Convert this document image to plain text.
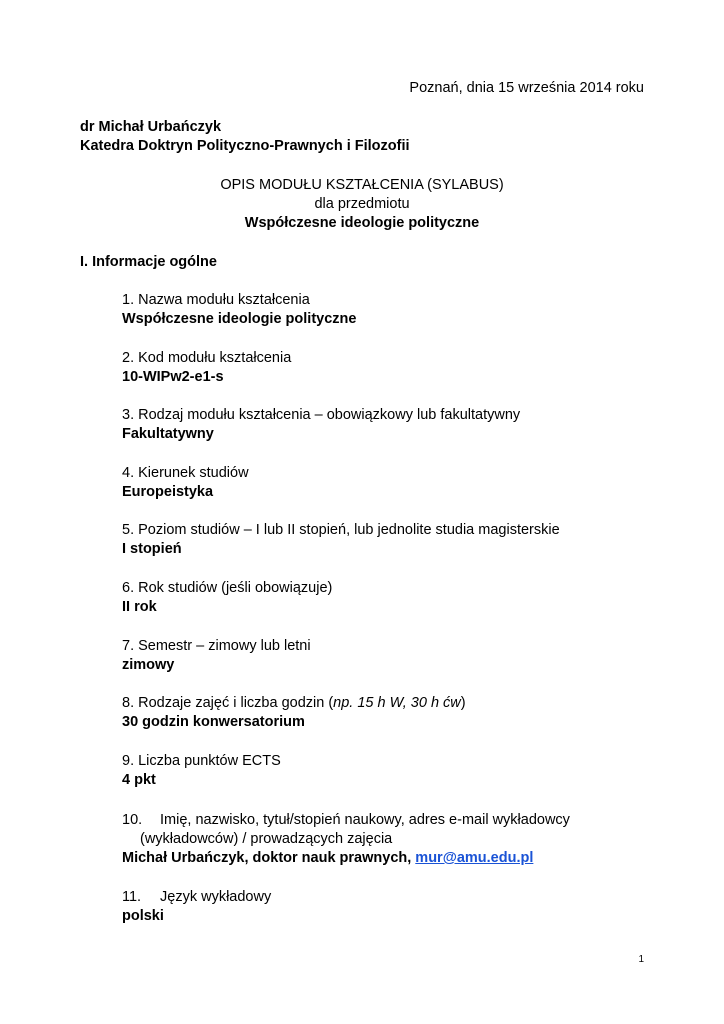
Poznań, dnia 15 września 2014 roku
dr Michał Urbańczyk
Katedra Doktryn Polityczno-Prawnych i Filozofii
OPIS MODUŁU KSZTAŁCENIA (SYLABUS)
dla przedmiotu
Współczesne ideologie polityczne
I. Informacje ogólne
1. Nazwa modułu kształcenia
Współczesne ideologie polityczne
2. Kod modułu kształcenia
10-WIPw2-e1-s
3. Rodzaj modułu kształcenia – obowiązkowy lub fakultatywny
Fakultatywny
4. Kierunek studiów
Europeistyka
5. Poziom studiów – I lub II stopień, lub jednolite studia magisterskie
I stopień
6. Rok studiów (jeśli obowiązuje)
II rok
7. Semestr – zimowy lub letni
zimowy
8. Rodzaje zajęć i liczba godzin (np. 15 h W, 30 h ćw)
30 godzin konwersatorium
9. Liczba punktów ECTS
4 pkt
10. Imię, nazwisko, tytuł/stopień naukowy, adres e-mail wykładowcy
(wykładowców) / prowadzących zajęcia
Michał Urbańczyk, doktor nauk prawnych, mur@amu.edu.pl
11. Język wykładowy
polski
1
